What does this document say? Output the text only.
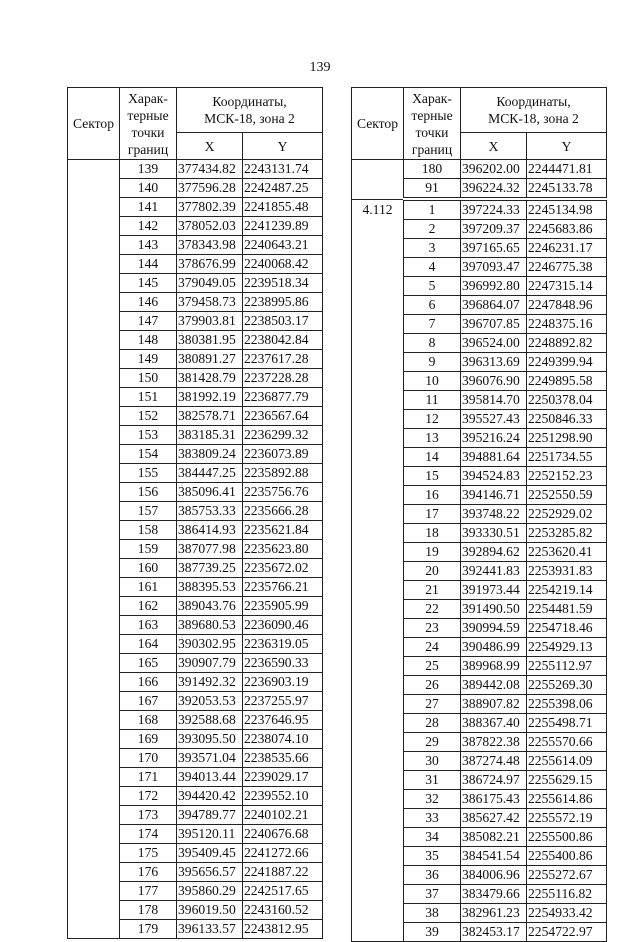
139
Сектор	Харак-
терные
точки
границ	Координаты,
МСК-18, зона 2	
		X	Y
	139	377434.82	2243131.74
	140	377596.28	2242487.25
	141	377802.39	2241855.48
	142	378052.03	2241239.89
	143	378343.98	2240643.21
	144	378676.99	2240068.42
	145	379049.05	2239518.34
	146	379458.73	2238995.86
	147	379903.81	2238503.17
	148	380381.95	2238042.84
	149	380891.27	2237617.28
	150	381428.79	2237228.28
	151	381992.19	2236877.79
	152	382578.71	2236567.64
	153	383185.31	2236299.32
	154	383809.24	2236073.89
	155	384447.25	2235892.88
	156	385096.41	2235756.76
	157	385753.33	2235666.28
	158	386414.93	2235621.84
	159	387077.98	2235623.80
	160	387739.25	2235672.02
	161	388395.53	2235766.21
	162	389043.76	2235905.99
	163	389680.53	2236090.46
	164	390302.95	2236319.05
	165	390907.79	2236590.33
	166	391492.32	2236903.19
	167	392053.53	2237255.97
	168	392588.68	2237646.95
	169	393095.50	2238074.10
	170	393571.04	2238535.66
	171	394013.44	2239029.17
	172	394420.42	2239552.10
	173	394789.77	2240102.21
	174	395120.11	2240676.68
	175	395409.45	2241272.66
	176	395656.57	2241887.22
	177	395860.29	2242517.65
	178	396019.50	2243160.52
	179	396133.57	2243812.95
Сектор	Харак-
терные
точки
границ	Координаты,
МСК-18, зона 2	
		X	Y
	180	396202.00	2244471.81
	91	396224.32	2245133.78
4.112	1	397224.33	2245134.98
	2	397209.37	2245683.86
	3	397165.65	2246231.17
	4	397093.47	2246775.38
	5	396992.80	2247315.14
	6	396864.07	2247848.96
	7	396707.85	2248375.16
	8	396524.00	2248892.82
	9	396313.69	2249399.94
	10	396076.90	2249895.58
	11	395814.70	2250378.04
	12	395527.43	2250846.33
	13	395216.24	2251298.90
	14	394881.64	2251734.55
	15	394524.83	2252152.23
	16	394146.71	2252550.59
	17	393748.22	2252929.02
	18	393330.51	2253285.82
	19	392894.62	2253620.41
	20	392441.83	2253931.83
	21	391973.44	2254219.14
	22	391490.50	2254481.59
	23	390994.59	2254718.46
	24	390486.99	2254929.13
	25	389968.99	2255112.97
	26	389442.08	2255269.30
	27	388907.82	2255398.06
	28	388367.40	2255498.71
	29	387822.38	2255570.66
	30	387274.48	2255614.09
	31	386724.97	2255629.15
	32	386175.43	2255614.86
	33	385627.42	2255572.19
	34	385082.21	2255500.86
	35	384541.54	2255400.86
	36	384006.96	2255272.67
	37	383479.66	2255116.82
	38	382961.23	2254933.42
	39	382453.17	2254722.97
